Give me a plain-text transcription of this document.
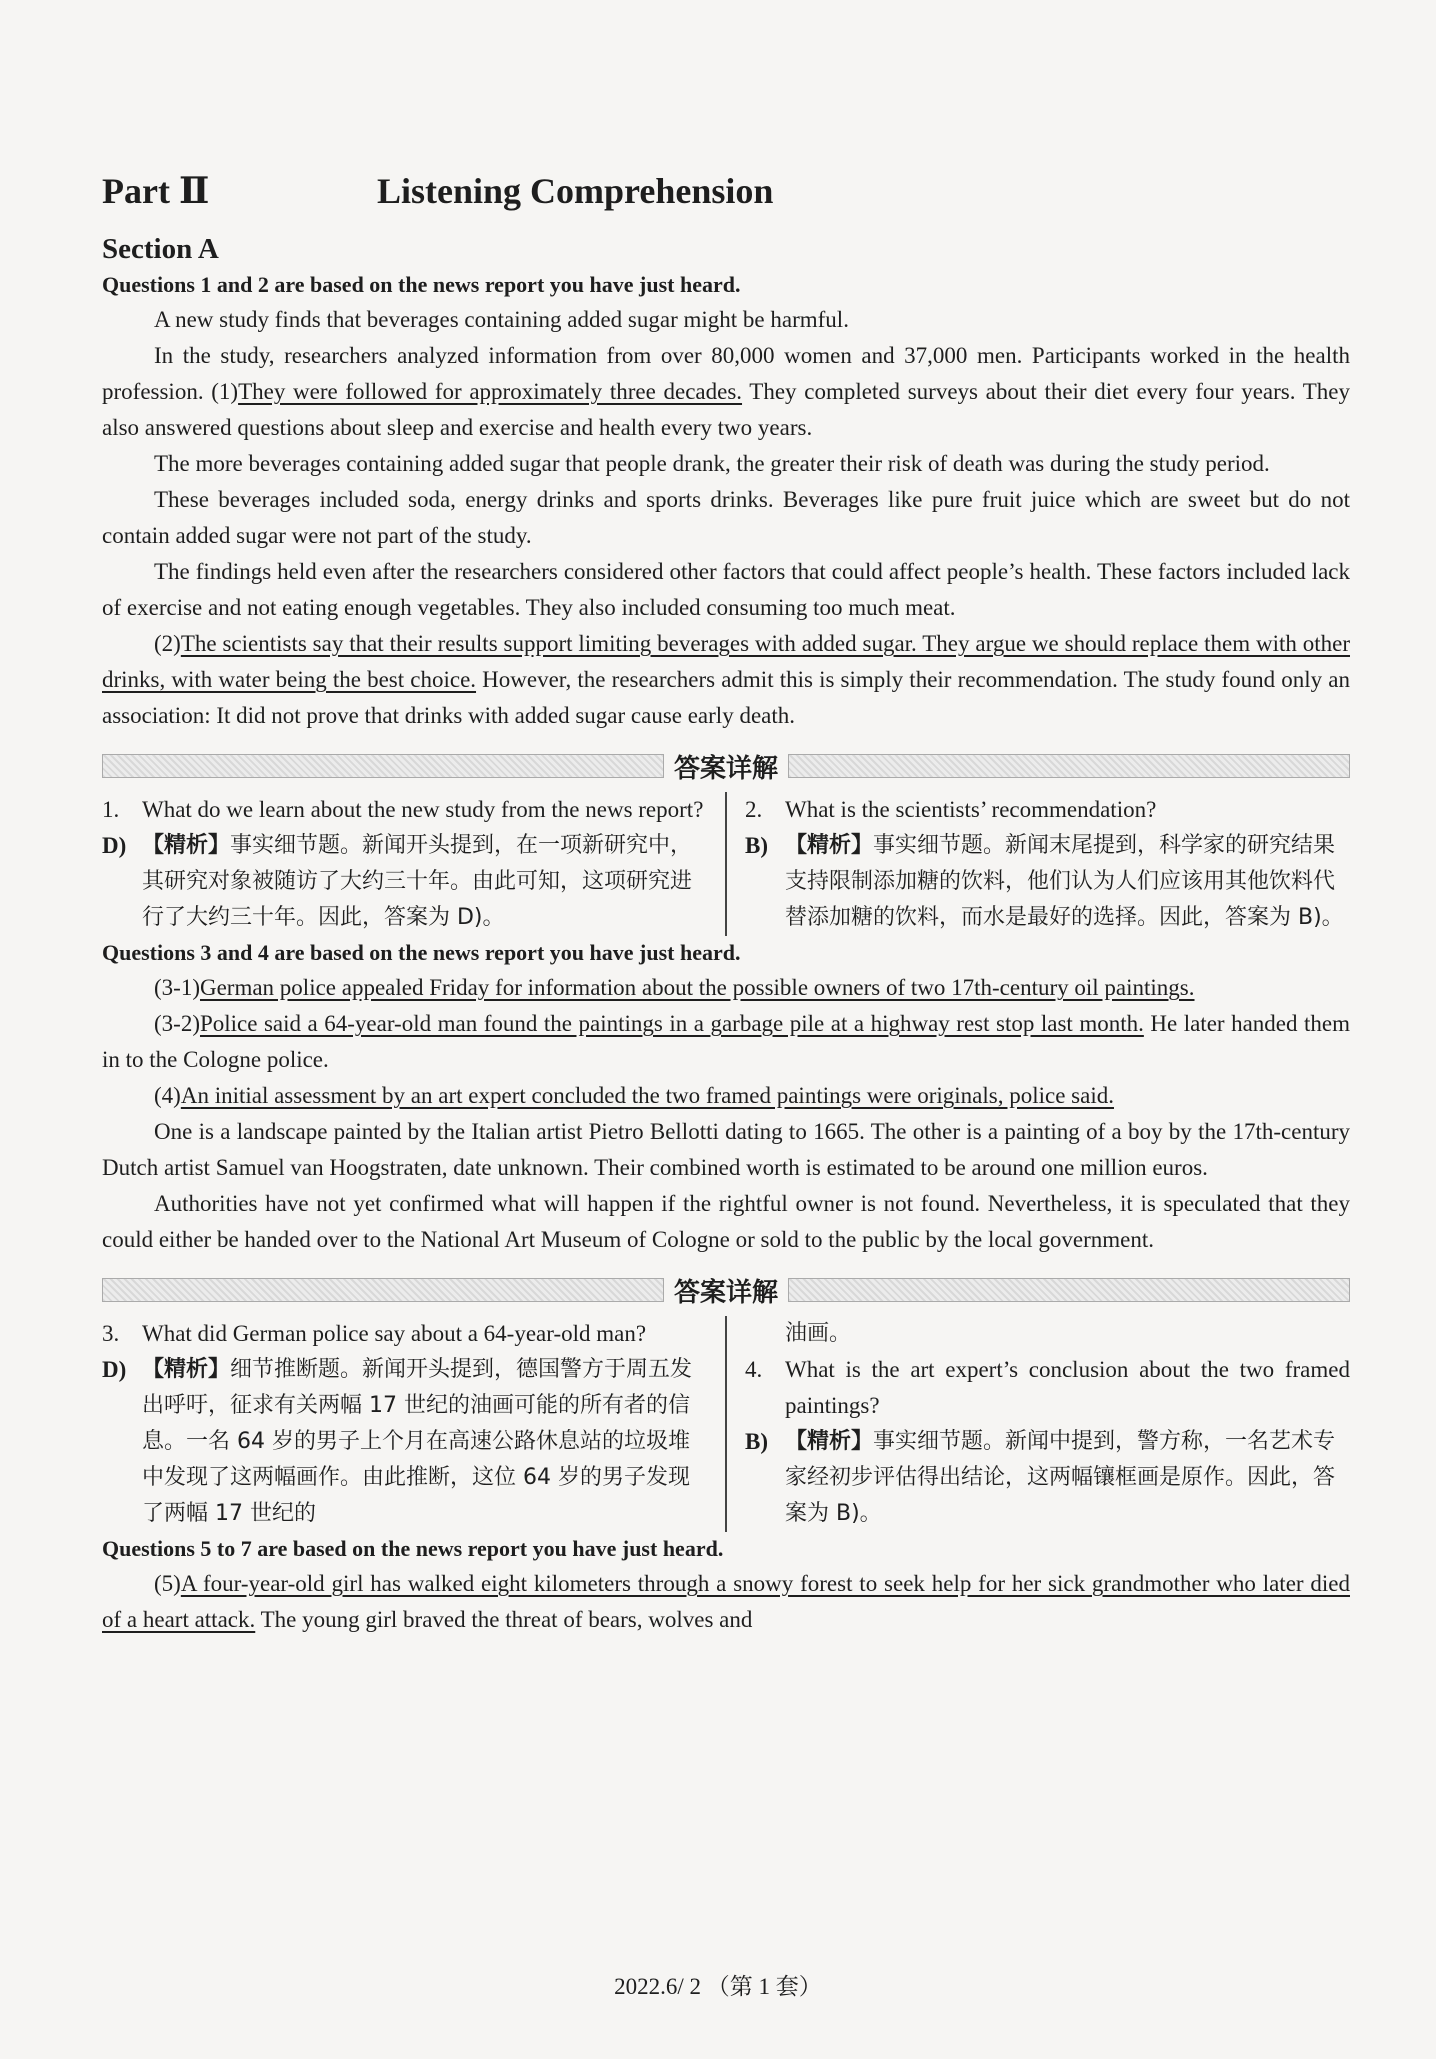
Part Ⅱ	Listening Comprehension
Section A
Questions 1 and 2 are based on the news report you have just heard.

A new study finds that beverages containing added sugar might be harmful.

In the study, researchers analyzed information from over 80,000 women and 37,000 men. Participants worked in the health profession. (1)They were followed for approximately three decades. They completed surveys about their diet every four years. They also answered questions about sleep and exercise and health every two years.

The more beverages containing added sugar that people drank, the greater their risk of death was during the study period.

These beverages included soda, energy drinks and sports drinks. Beverages like pure fruit juice which are sweet but do not contain added sugar were not part of the study.

The findings held even after the researchers considered other factors that could affect people’s health. These factors included lack of exercise and not eating enough vegetables. They also included consuming too much meat.

(2)The scientists say that their results support limiting beverages with added sugar. They argue we should replace them with other drinks, with water being the best choice. However, the researchers admit this is simply their recommendation. The study found only an association: It did not prove that drinks with added sugar cause early death.

答案详解
1. What do we learn about the new study from the news report?
D) 【精析】事实细节题。新闻开头提到，在一项新研究中，其研究对象被随访了大约三十年。由此可知，这项研究进行了大约三十年。因此，答案为 D)。
2. What is the scientists’ recommendation?
B) 【精析】事实细节题。新闻末尾提到，科学家的研究结果支持限制添加糖的饮料，他们认为人们应该用其他饮料代替添加糖的饮料，而水是最好的选择。因此，答案为 B)。
Questions 3 and 4 are based on the news report you have just heard.

(3-1)German police appealed Friday for information about the possible owners of two 17th-century oil paintings.

(3-2)Police said a 64-year-old man found the paintings in a garbage pile at a highway rest stop last month. He later handed them in to the Cologne police.

(4)An initial assessment by an art expert concluded the two framed paintings were originals, police said.

One is a landscape painted by the Italian artist Pietro Bellotti dating to 1665. The other is a painting of a boy by the 17th-century Dutch artist Samuel van Hoogstraten, date unknown. Their combined worth is estimated to be around one million euros.

Authorities have not yet confirmed what will happen if the rightful owner is not found. Nevertheless, it is speculated that they could either be handed over to the National Art Museum of Cologne or sold to the public by the local government.

答案详解
3. What did German police say about a 64-year-old man?
D) 【精析】细节推断题。新闻开头提到，德国警方于周五发出呼吁，征求有关两幅 17 世纪的油画可能的所有者的信息。一名 64 岁的男子上个月在高速公路休息站的垃圾堆中发现了这两幅画作。由此推断，这位 64 岁的男子发现了两幅 17 世纪的
油画。
4. What is the art expert’s conclusion about the two framed paintings?
B) 【精析】事实细节题。新闻中提到，警方称，一名艺术专家经初步评估得出结论，这两幅镶框画是原作。因此，答案为 B)。
Questions 5 to 7 are based on the news report you have just heard.

(5)A four-year-old girl has walked eight kilometers through a snowy forest to seek help for her sick grandmother who later died of a heart attack. The young girl braved the threat of bears, wolves and

2022.6/ 2 （第 1 套）
